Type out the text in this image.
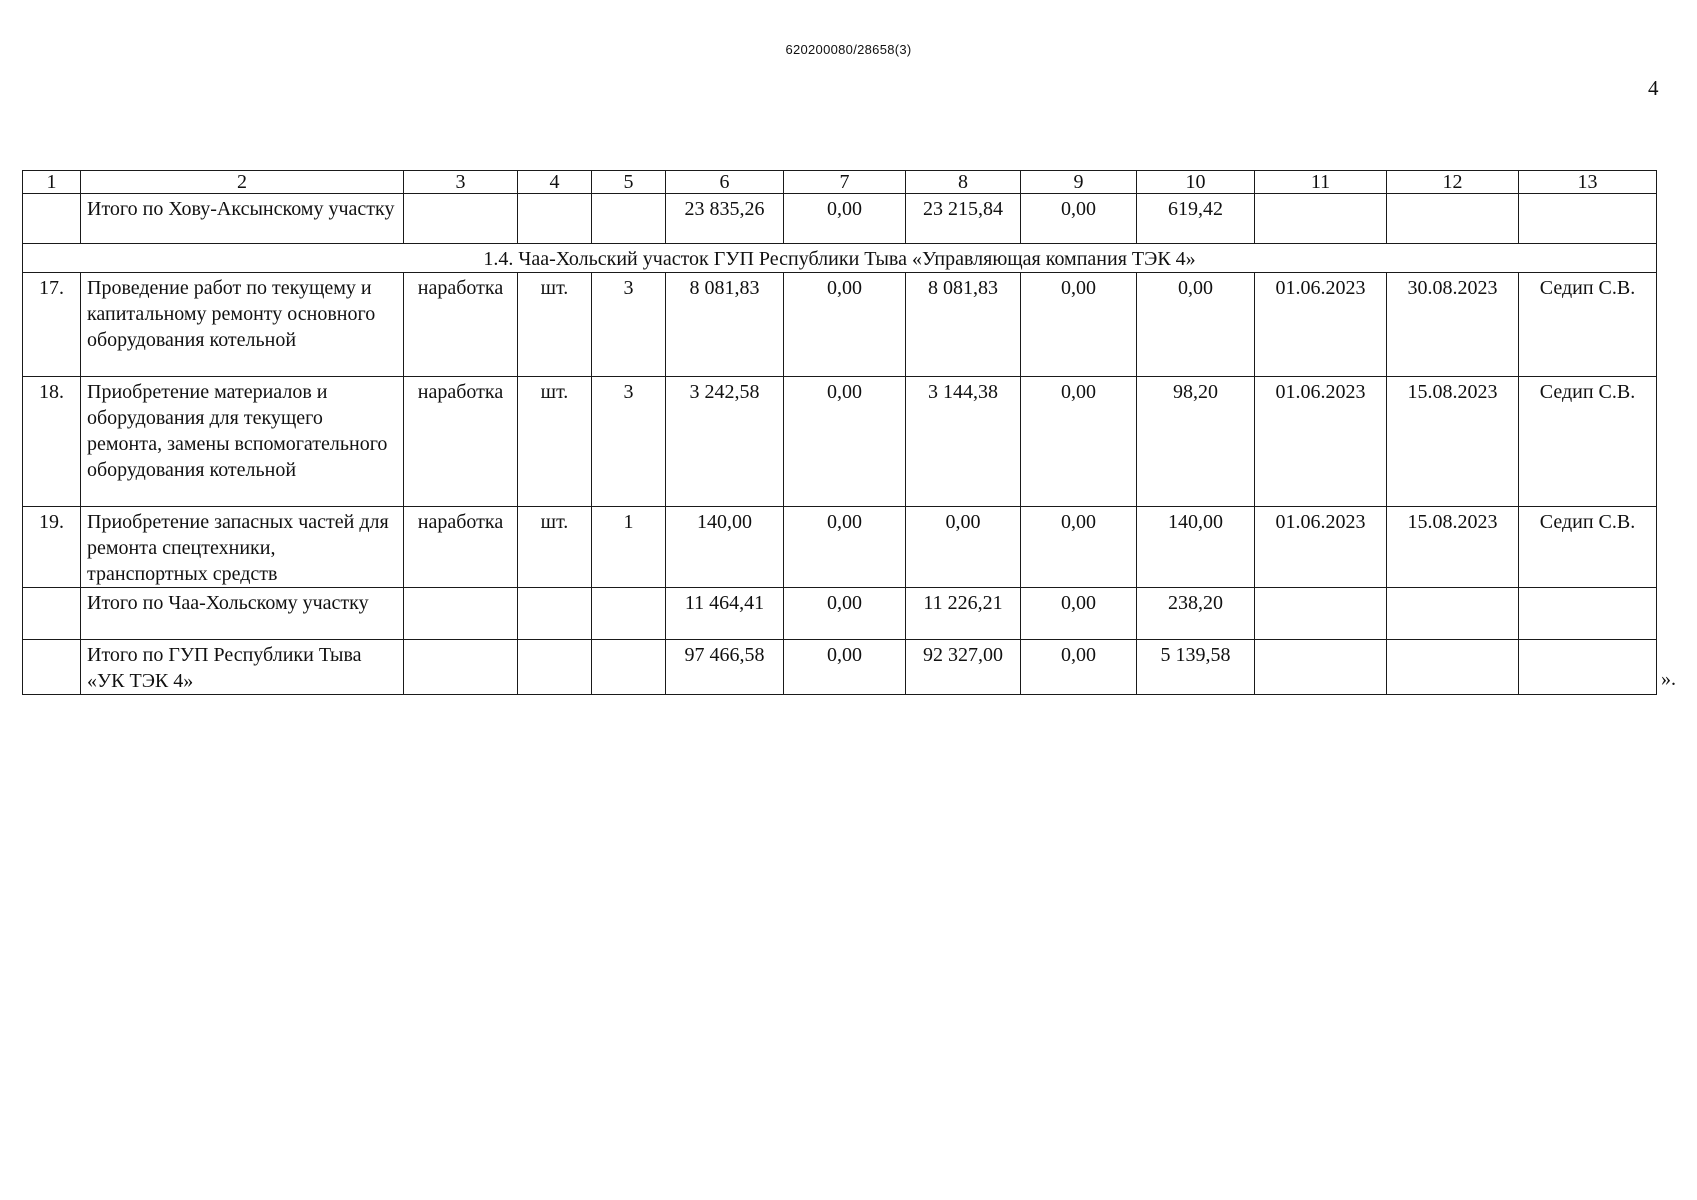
620200080/28658(3)
4
1	2	3	4	5	6	7	8	9	10	11	12	13
	Итого по Хову-Аксынскому участку				23 835,26	0,00	23 215,84	0,00	619,42			
1.4. Чаа-Хольский участок ГУП Республики Тыва «Управляющая компания ТЭК 4»												
17.	Проведение работ по текущему и капитальному ремонту основного оборудования котельной	наработка	шт.	3	8 081,83	0,00	8 081,83	0,00	0,00	01.06.2023	30.08.2023	Седип С.В.
18.	Приобретение материалов и оборудования для текущего ремонта, замены вспомогательного оборудования котельной	наработка	шт.	3	3 242,58	0,00	3 144,38	0,00	98,20	01.06.2023	15.08.2023	Седип С.В.
19.	Приобретение запасных частей для ремонта спецтехники, транспортных средств	наработка	шт.	1	140,00	0,00	0,00	0,00	140,00	01.06.2023	15.08.2023	Седип С.В.
	Итого по Чаа-Хольскому участку				11 464,41	0,00	11 226,21	0,00	238,20			
	Итого по ГУП Республики Тыва «УК ТЭК 4»				97 466,58	0,00	92 327,00	0,00	5 139,58			
».
